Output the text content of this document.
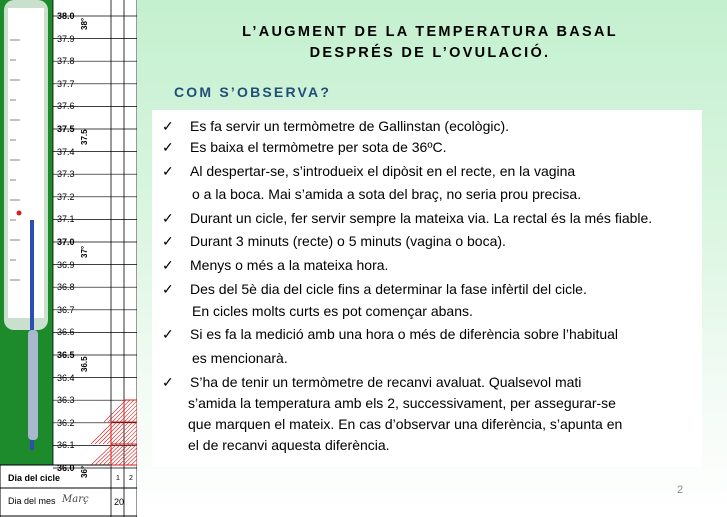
38.0
37.9
37.8
37.7
37.6
37.5
37.4
37.3
37.2
37.1
37.0
36.9
36.8
36.7
36.6
36.5
36.4
36.3
36.2
36.1
36.0
38°
37.5
37°
36.5
36°
Dia del cicle
Dia del mes Març
1 2
20
L’AUGMENT DE LA TEMPERATURA BASAL
DESPRÉS DE L’OVULACIÓ.
COM S’OBSERVA?
✓ Es fa servir un termòmetre de Gallinstan (ecològic).
✓ Es baixa el termòmetre per sota de 36ºC.
✓ Al despertar-se, s’introdueix el dipòsit en el recte, en la vagina
o a la boca. Mai s’amida a sota del braç, no seria prou precisa.
✓ Durant un cicle, fer servir sempre la mateixa via. La rectal és la més fiable.
✓ Durant 3 minuts (recte) o 5 minuts (vagina o boca).
✓ Menys o més a la mateixa hora.
✓ Des del 5è dia del cicle fins a determinar la fase infèrtil del cicle.
En cicles molts curts es pot començar abans.
✓ Si es fa la medició amb una hora o més de diferència sobre l’habitual
es mencionarà.
✓ S’ha de tenir un termòmetre de recanvi avaluat. Qualsevol mati
s’amida la temperatura amb els 2, successivament, per assegurar-se
que marquen el mateix. En cas d’observar una diferència, s’apunta en
el de recanvi aquesta diferència.
2
